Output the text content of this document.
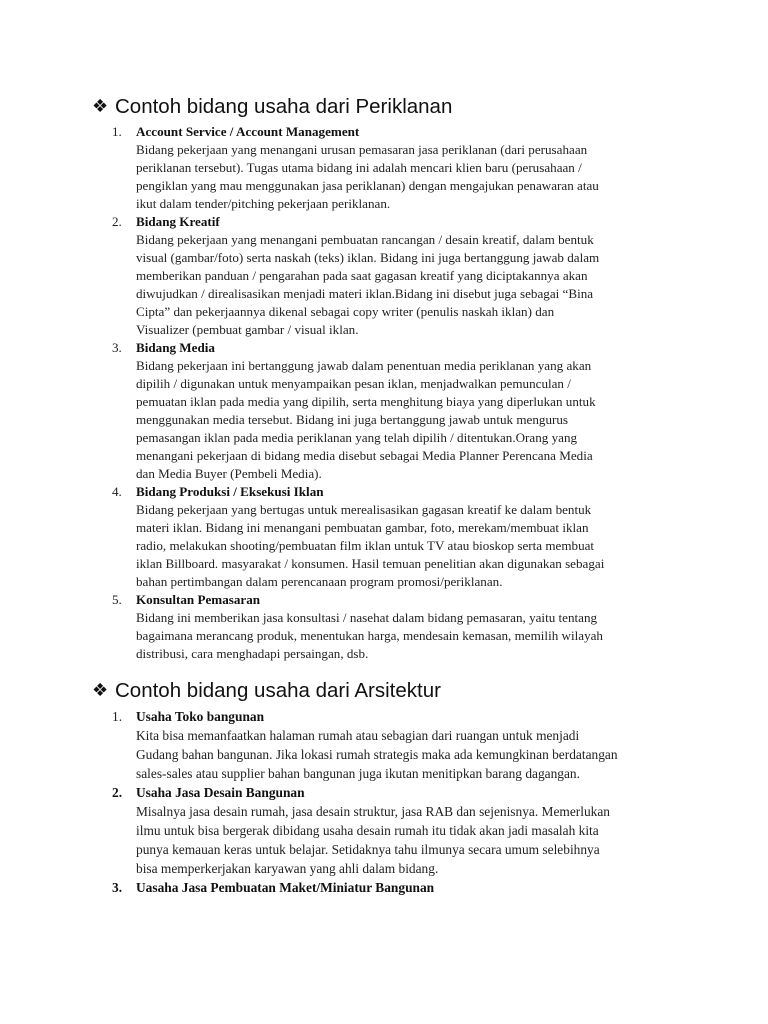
❖ Contoh bidang usaha dari Periklanan
1.	Account Service / Account Management
Bidang pekerjaan yang menangani urusan pemasaran jasa periklanan (dari perusahaan
periklanan tersebut). Tugas utama bidang ini adalah mencari klien baru (perusahaan /
pengiklan yang mau menggunakan jasa periklanan) dengan mengajukan penawaran atau
ikut dalam tender/pitching pekerjaan periklanan.
2.	Bidang Kreatif
Bidang pekerjaan yang menangani pembuatan rancangan / desain kreatif, dalam bentuk
visual (gambar/foto) serta naskah (teks) iklan. Bidang ini juga bertanggung jawab dalam
memberikan panduan / pengarahan pada saat gagasan kreatif yang diciptakannya akan
diwujudkan / direalisasikan menjadi materi iklan.Bidang ini disebut juga sebagai “Bina
Cipta” dan pekerjaannya dikenal sebagai copy writer (penulis naskah iklan) dan
Visualizer (pembuat gambar / visual iklan.
3.	Bidang Media
Bidang pekerjaan ini bertanggung jawab dalam penentuan media periklanan yang akan
dipilih / digunakan untuk menyampaikan pesan iklan, menjadwalkan pemunculan /
pemuatan iklan pada media yang dipilih, serta menghitung biaya yang diperlukan untuk
menggunakan media tersebut. Bidang ini juga bertanggung jawab untuk mengurus
pemasangan iklan pada media periklanan yang telah dipilih / ditentukan.Orang yang
menangani pekerjaan di bidang media disebut sebagai Media Planner Perencana Media
dan Media Buyer (Pembeli Media).
4.	Bidang Produksi / Eksekusi Iklan
Bidang pekerjaan yang bertugas untuk merealisasikan gagasan kreatif ke dalam bentuk
materi iklan. Bidang ini menangani pembuatan gambar, foto, merekam/membuat iklan
radio, melakukan shooting/pembuatan film iklan untuk TV atau bioskop serta membuat
iklan Billboard. masyarakat / konsumen. Hasil temuan penelitian akan digunakan sebagai
bahan pertimbangan dalam perencanaan program promosi/periklanan.
5.	Konsultan Pemasaran
Bidang ini memberikan jasa konsultasi / nasehat dalam bidang pemasaran, yaitu tentang
bagaimana merancang produk, menentukan harga, mendesain kemasan, memilih wilayah
distribusi, cara menghadapi persaingan, dsb.
❖ Contoh bidang usaha dari Arsitektur
1.	Usaha Toko bangunan
Kita bisa memanfaatkan halaman rumah atau sebagian dari ruangan untuk menjadi
Gudang bahan bangunan. Jika lokasi rumah strategis maka ada kemungkinan berdatangan
sales-sales atau supplier bahan bangunan juga ikutan menitipkan barang dagangan.
2.	Usaha Jasa Desain Bangunan
Misalnya jasa desain rumah, jasa desain struktur, jasa RAB dan sejenisnya. Memerlukan
ilmu untuk bisa bergerak dibidang usaha desain rumah itu tidak akan jadi masalah kita
punya kemauan keras untuk belajar. Setidaknya tahu ilmunya secara umum selebihnya
bisa memperkerjakan karyawan yang ahli dalam bidang.
3.	Uasaha Jasa Pembuatan Maket/Miniatur Bangunan
